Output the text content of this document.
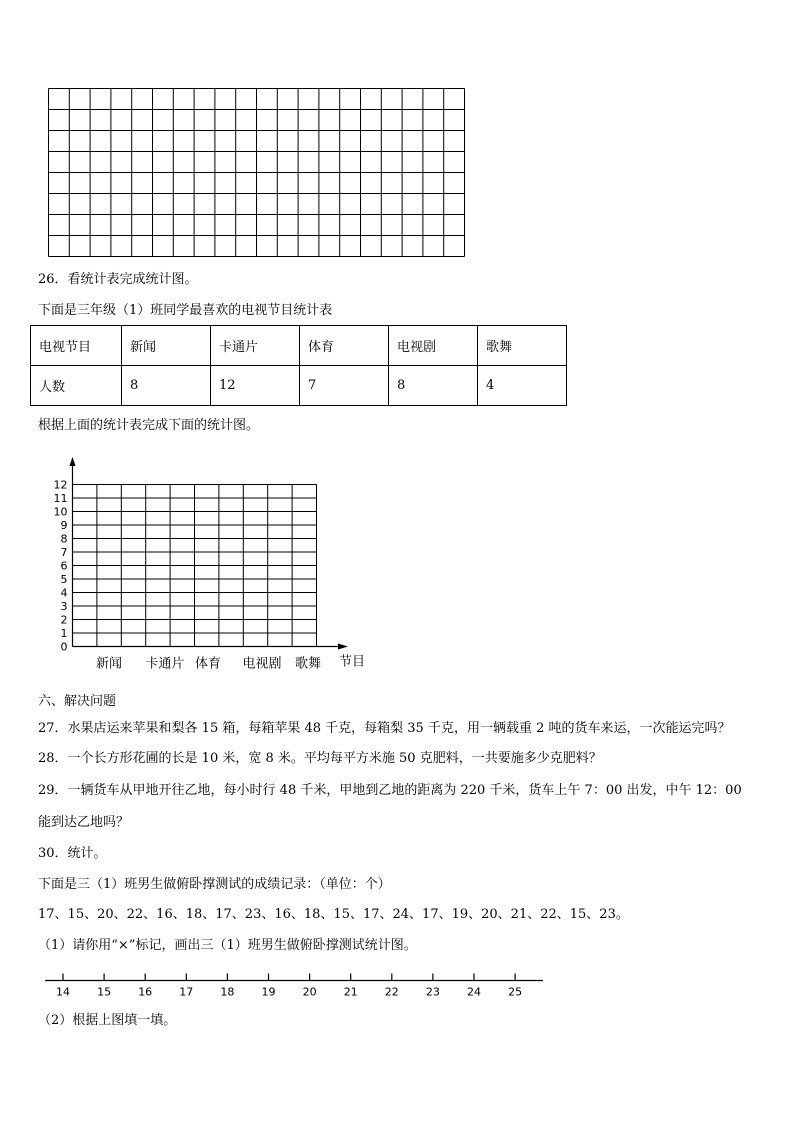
26．看统计表完成统计图。
下面是三年级（1）班同学最喜欢的电视节目统计表
电视节目	新闻	卡通片	体育	电视剧	歌舞
人数	8	12	7	8	4
根据上面的统计表完成下面的统计图。
0
1
2
3
4
5
6
7
8
9
10
11
12
新闻 卡通片 体育 电视剧 歌舞 节目
六、解决问题
27．水果店运来苹果和梨各 15 箱，每箱苹果 48 千克，每箱梨 35 千克，用一辆载重 2 吨的货车来运，一次能运完吗？
28．一个长方形花圃的长是 10 米，宽 8 米。平均每平方米施 50 克肥料，一共要施多少克肥料？
29．一辆货车从甲地开往乙地，每小时行 48 千米，甲地到乙地的距离为 220 千米，货车上午 7：00 出发，中午 12：00
能到达乙地吗？
30．统计。
下面是三（1）班男生做俯卧撑测试的成绩记录：（单位：个）
17、15、20、22、16、18、17、23、16、18、15、17、24、17、19、20、21、22、15、23。
（1）请你用“×”标记，画出三（1）班男生做俯卧撑测试统计图。
14 15 16 17 18 19 20 21 22 23 24 25
（2）根据上图填一填。
